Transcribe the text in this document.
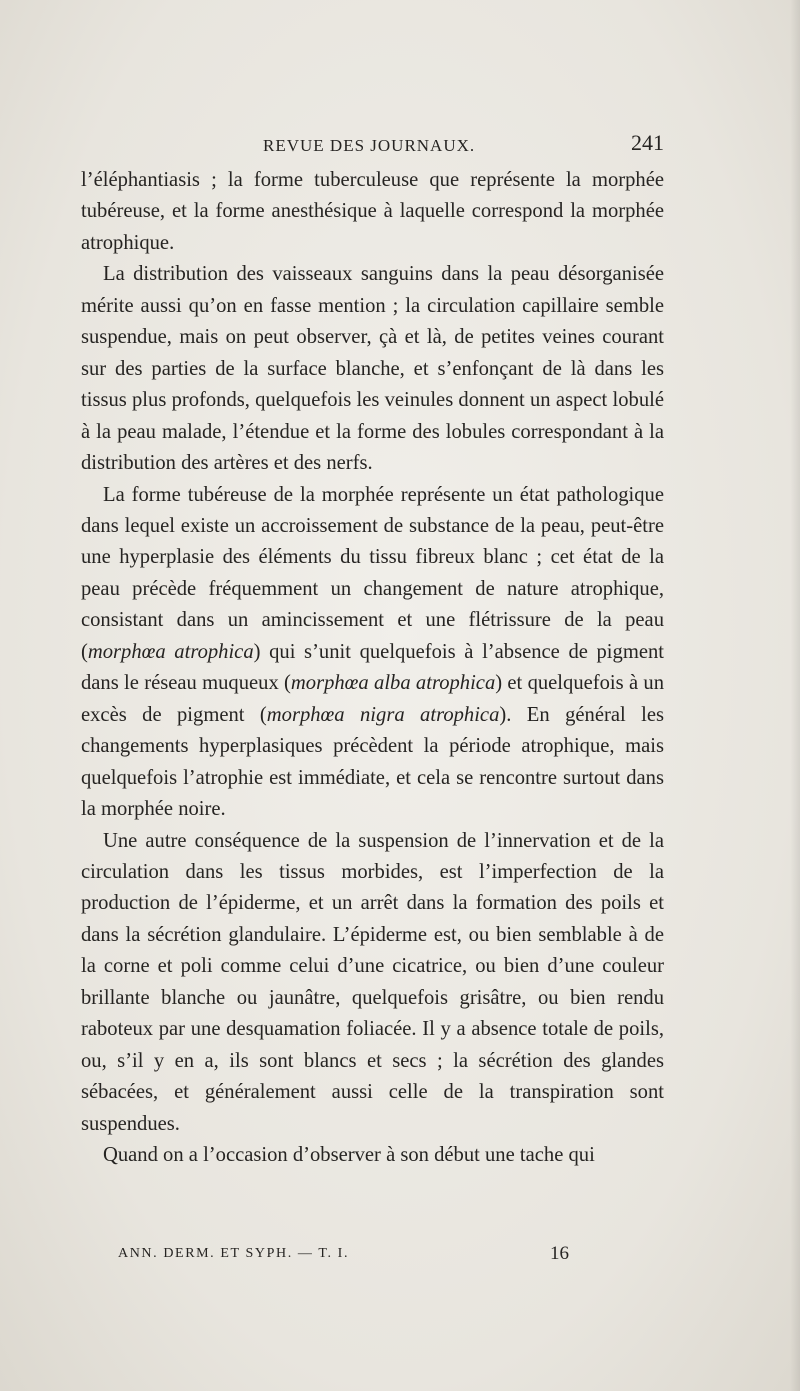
REVUE DES JOURNAUX.	241

l’éléphantiasis ; la forme tuberculeuse que représente la morphée tubéreuse, et la forme anesthésique à laquelle correspond la morphée atrophique.

La distribution des vaisseaux sanguins dans la peau désorganisée mérite aussi qu’on en fasse mention ; la circulation capillaire semble suspendue, mais on peut observer, çà et là, de petites veines courant sur des parties de la surface blanche, et s’enfonçant de là dans les tissus plus profonds, quelquefois les veinules donnent un aspect lobulé à la peau malade, l’étendue et la forme des lobules correspondant à la distribution des artères et des nerfs.

La forme tubéreuse de la morphée représente un état pathologique dans lequel existe un accroissement de substance de la peau, peut-être une hyperplasie des éléments du tissu fibreux blanc ; cet état de la peau précède fréquemment un changement de nature atrophique, consistant dans un amincissement et une flétrissure de la peau (morphœa atrophica) qui s’unit quelquefois à l’absence de pigment dans le réseau muqueux (morphœa alba atrophica) et quelquefois à un excès de pigment (morphœa nigra atrophica). En général les changements hyperplasiques précèdent la période atrophique, mais quelquefois l’atrophie est immédiate, et cela se rencontre surtout dans la morphée noire.

Une autre conséquence de la suspension de l’innervation et de la circulation dans les tissus morbides, est l’imperfection de la production de l’épiderme, et un arrêt dans la formation des poils et dans la sécrétion glandulaire. L’épiderme est, ou bien semblable à de la corne et poli comme celui d’une cicatrice, ou bien d’une couleur brillante blanche ou jaunâtre, quelquefois grisâtre, ou bien rendu raboteux par une desquamation foliacée. Il y a absence totale de poils, ou, s’il y en a, ils sont blancs et secs ; la sécrétion des glandes sébacées, et généralement aussi celle de la transpiration sont suspendues.

Quand on a l’occasion d’observer à son début une tache qui

ANN. DERM. ET SYPH. — T. I.	16
